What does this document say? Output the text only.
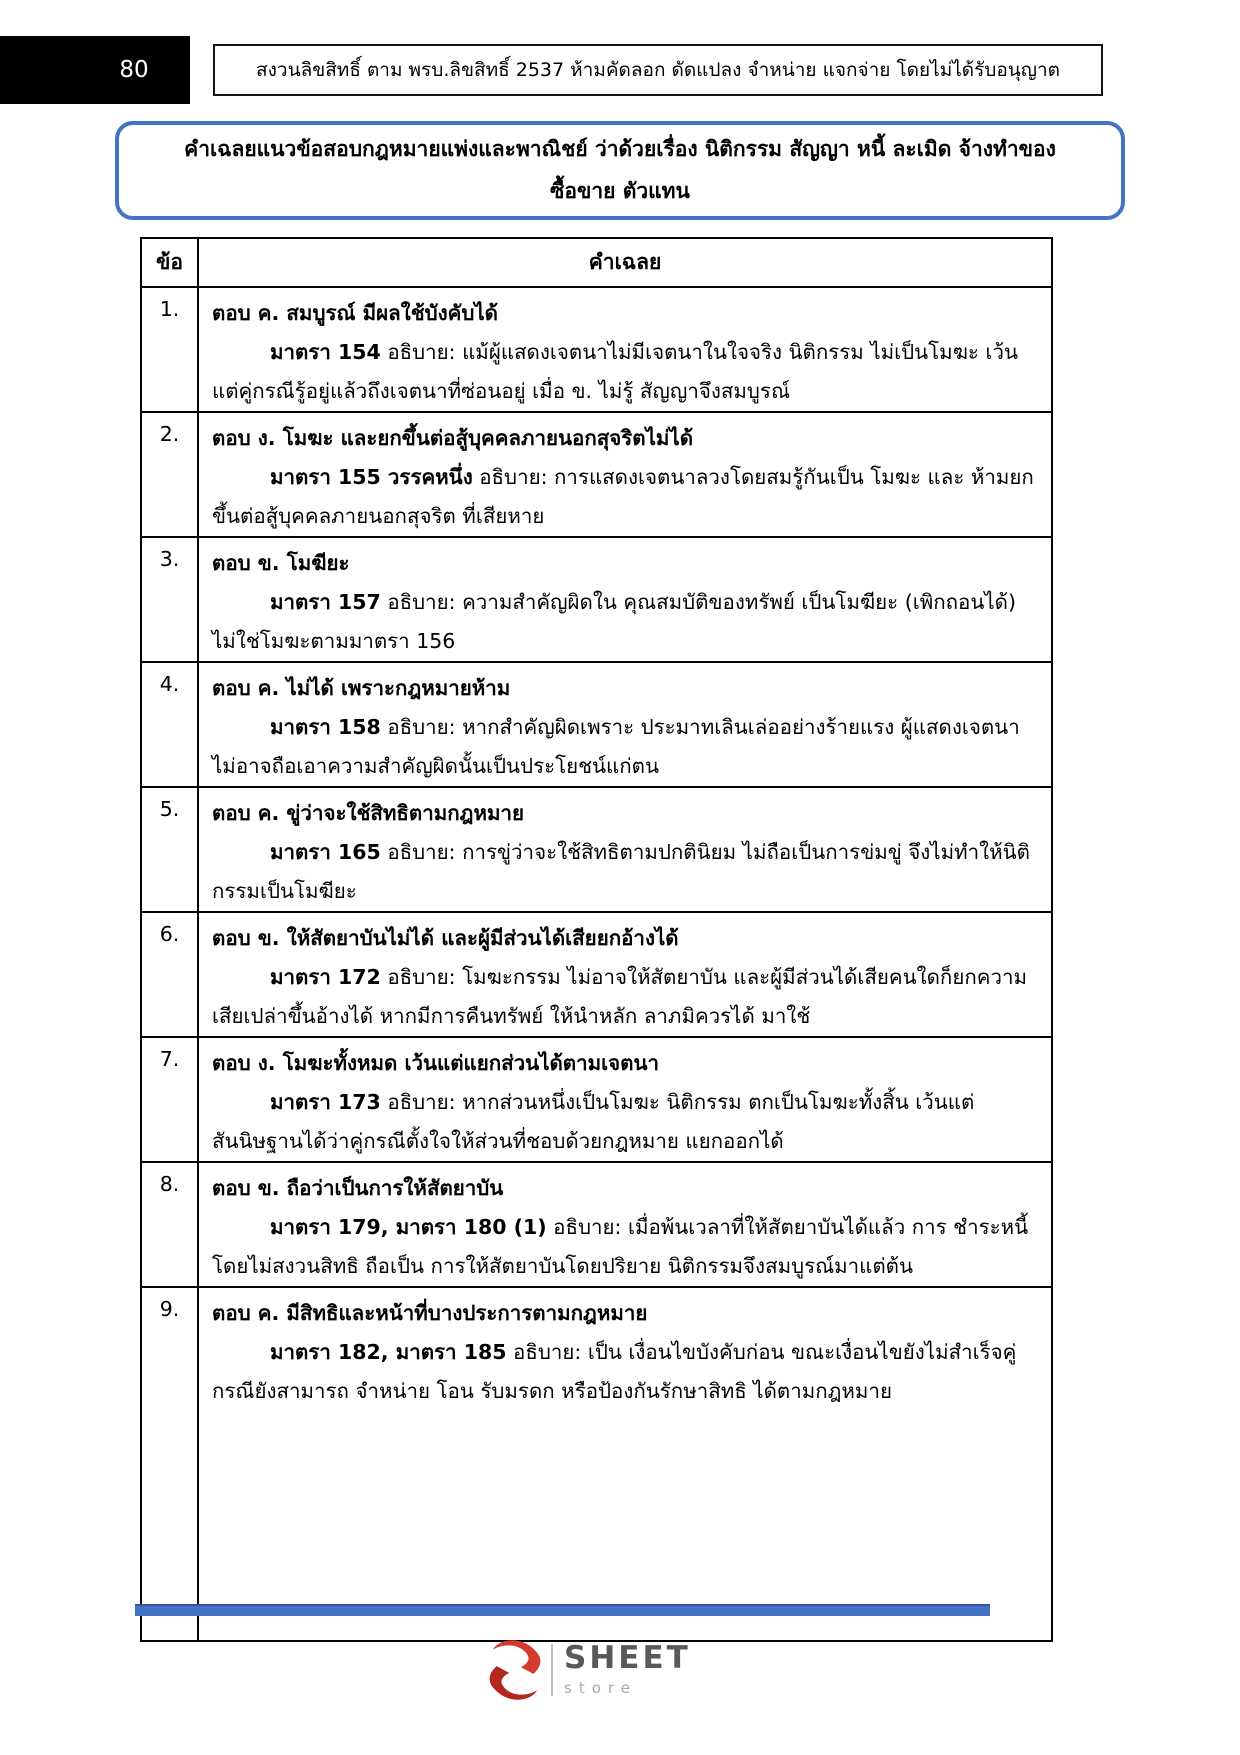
80	สงวนลิขสิทธิ์ ตาม พรบ.ลิขสิทธิ์ 2537 ห้ามคัดลอก ดัดแปลง จำหน่าย แจกจ่าย โดยไม่ได้รับอนุญาต
คำเฉลยแนวข้อสอบกฎหมายแพ่งและพาณิชย์ ว่าด้วยเรื่อง นิติกรรม สัญญา หนี้ ละเมิด จ้างทำของ
ซื้อขาย ตัวแทน
ข้อ	คำเฉลย
1.	ตอบ ค. สมบูรณ์ มีผลใช้บังคับได้

มาตรา 154 อธิบาย: แม้ผู้แสดงเจตนาไม่มีเจตนาในใจจริง นิติกรรม ไม่เป็นโมฆะ เว้นแต่​คู่กรณีรู้อยู่แล้วถึงเจตนาที่ซ่อนอยู่ เมื่อ ข. ไม่รู้ สัญญาจึงสมบูรณ์

2.	ตอบ ง. โมฆะ และยกขึ้นต่อสู้บุคคลภายนอกสุจริตไม่ได้

มาตรา 155 วรรคหนึ่ง อธิบาย: การแสดงเจตนาลวงโดยสมรู้กันเป็น โมฆะ และ ห้าม​ยกขึ้นต่อสู้บุคคลภายนอกสุจริต ที่เสียหาย

3.	ตอบ ข. โมฆียะ

มาตรา 157 อธิบาย: ความสำคัญผิดใน คุณสมบัติของทรัพย์ เป็นโมฆียะ (เพิกถอนได้) ​ไม่ใช่โมฆะตามมาตรา 156

4.	ตอบ ค. ไม่ได้ เพราะกฎหมายห้าม

มาตรา 158 อธิบาย: หากสำคัญผิดเพราะ ประมาทเลินเล่ออย่างร้ายแรง ผู้แสดงเจตนา​ไม่อาจถือเอาความสำคัญผิดนั้นเป็นประโยชน์แก่ตน

5.	ตอบ ค. ขู่ว่าจะใช้สิทธิตามกฎหมาย

มาตรา 165 อธิบาย: การขู่ว่าจะใช้สิทธิตามปกตินิยม ไม่ถือเป็นการข่มขู่ จึงไม่ทำให้นิติ​กรรมเป็นโมฆียะ

6.	ตอบ ข. ให้สัตยาบันไม่ได้ และผู้มีส่วนได้เสียยกอ้างได้

มาตรา 172 อธิบาย: โมฆะกรรม ไม่อาจให้สัตยาบัน และผู้มีส่วนได้เสียคนใดก็ยกความ​เสียเปล่าขึ้นอ้างได้ หากมีการคืนทรัพย์ ให้นำหลัก ลาภมิควรได้ มาใช้

7.	ตอบ ง. โมฆะทั้งหมด เว้นแต่แยกส่วนได้ตามเจตนา

มาตรา 173 อธิบาย: หากส่วนหนึ่งเป็นโมฆะ นิติกรรม ตกเป็นโมฆะทั้งสิ้น เว้นแต่​สันนิษฐานได้ว่าคู่กรณีตั้งใจให้ส่วนที่ชอบด้วยกฎหมาย แยกออกได้

8.	ตอบ ข. ถือว่าเป็นการให้สัตยาบัน

มาตรา 179, มาตรา 180 (1) อธิบาย: เมื่อพ้นเวลาที่ให้สัตยาบันได้แล้ว การ ชำระหนี้​โดยไม่สงวนสิทธิ ถือเป็น การให้สัตยาบันโดยปริยาย นิติกรรมจึงสมบูรณ์มาแต่ต้น

9.	ตอบ ค. มีสิทธิและหน้าที่บางประการตามกฎหมาย

มาตรา 182, มาตรา 185 อธิบาย: เป็น เงื่อนไขบังคับก่อน ขณะเงื่อนไขยังไม่สำเร็จ​คู่กรณียังสามารถ จำหน่าย โอน รับมรดก หรือป้องกันรักษาสิทธิ ได้ตามกฎหมาย

SHEET
store
